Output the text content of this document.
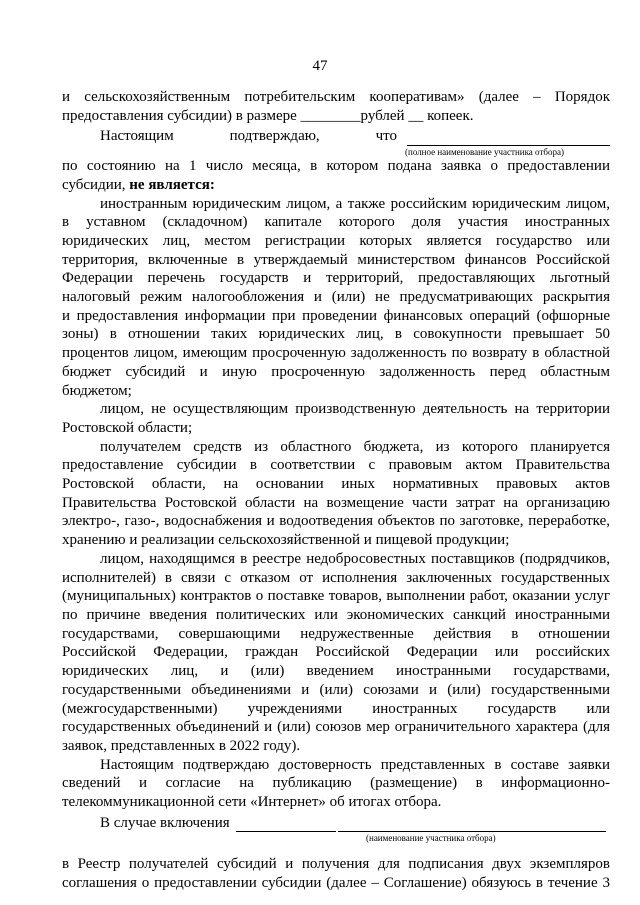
47

и сельскохозяйственным потребительским кооперативам» (далее – Порядок

предоставления субсидии) в размере ________рублей __ копеек.

Настоящим подтверждаю, что
(полное наименование участника отбора)

по состоянию на 1 число месяца, в котором подана заявка о предоставлении

субсидии, не является:

иностранным юридическим лицом, а также российским юридическим лицом,

в уставном (складочном) капитале которого доля участия иностранных

юридических лиц, местом регистрации которых является государство или

территория, включенные в утверждаемый министерством финансов Российской

Федерации перечень государств и территорий, предоставляющих льготный

налоговый режим налогообложения и (или) не предусматривающих раскрытия

и предоставления информации при проведении финансовых операций (офшорные

зоны) в отношении таких юридических лиц, в совокупности превышает 50

процентов лицом, имеющим просроченную задолженность по возврату в областной

бюджет субсидий и иную просроченную задолженность перед областным

бюджетом;

лицом, не осуществляющим производственную деятельность на территории

Ростовской области;

получателем средств из областного бюджета, из которого планируется

предоставление субсидии в соответствии с правовым актом Правительства

Ростовской области, на основании иных нормативных правовых актов

Правительства Ростовской области на возмещение части затрат на организацию

электро-, газо-, водоснабжения и водоотведения объектов по заготовке, переработке,

хранению и реализации сельскохозяйственной и пищевой продукции;

лицом, находящимся в реестре недобросовестных поставщиков (подрядчиков,

исполнителей) в связи с отказом от исполнения заключенных государственных

(муниципальных) контрактов о поставке товаров, выполнении работ, оказании услуг

по причине введения политических или экономических санкций иностранными

государствами, совершающими недружественные действия в отношении

Российской Федерации, граждан Российской Федерации или российских

юридических лиц, и (или) введением иностранными государствами,

государственными объединениями и (или) союзами и (или) государственными

(межгосударственными) учреждениями иностранных государств или

государственных объединений и (или) союзов мер ограничительного характера (для

заявок, представленных в 2022 году).

Настоящим подтверждаю достоверность представленных в составе заявки

сведений и согласие на публикацию (размещение) в информационно-

телекоммуникационной сети «Интернет» об итогах отбора.

В случае включения
(наименование участника отбора)

в Реестр получателей субсидий и получения для подписания двух экземпляров

соглашения о предоставлении субсидии (далее – Соглашение) обязуюсь в течение 3
